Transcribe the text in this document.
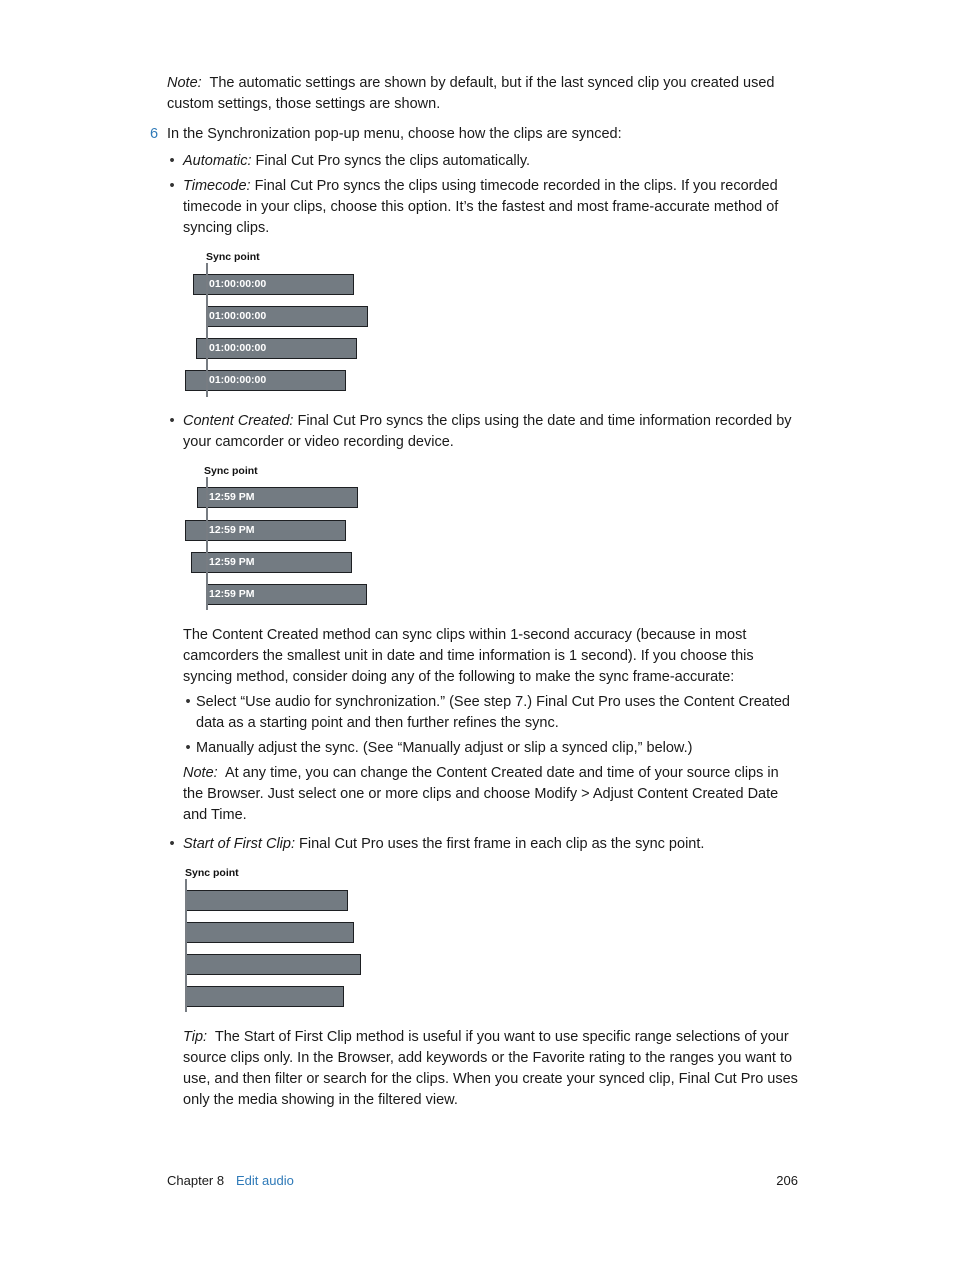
Note: The automatic settings are shown by default, but if the last synced clip you created used custom settings, those settings are shown.
6 In the Synchronization pop-up menu, choose how the clips are synced:
• Automatic: Final Cut Pro syncs the clips automatically.
• Timecode: Final Cut Pro syncs the clips using timecode recorded in the clips. If you recorded timecode in your clips, choose this option. It’s the fastest and most frame-accurate method of syncing clips.
Sync point
01:00:00:00
01:00:00:00
01:00:00:00
01:00:00:00
• Content Created: Final Cut Pro syncs the clips using the date and time information recorded by your camcorder or video recording device.
Sync point
12:59 PM
12:59 PM
12:59 PM
12:59 PM
The Content Created method can sync clips within 1-second accuracy (because in most camcorders the smallest unit in date and time information is 1 second). If you choose this syncing method, consider doing any of the following to make the sync frame-accurate:
• Select “Use audio for synchronization.” (See step 7.) Final Cut Pro uses the Content Created data as a starting point and then further refines the sync.
• Manually adjust the sync. (See “Manually adjust or slip a synced clip,” below.)
Note: At any time, you can change the Content Created date and time of your source clips in the Browser. Just select one or more clips and choose Modify > Adjust Content Created Date and Time.
• Start of First Clip: Final Cut Pro uses the first frame in each clip as the sync point.
Sync point
Tip: The Start of First Clip method is useful if you want to use specific range selections of your source clips only. In the Browser, add keywords or the Favorite rating to the ranges you want to use, and then filter or search for the clips. When you create your synced clip, Final Cut Pro uses only the media showing in the filtered view.
Chapter 8 Edit audio	206
